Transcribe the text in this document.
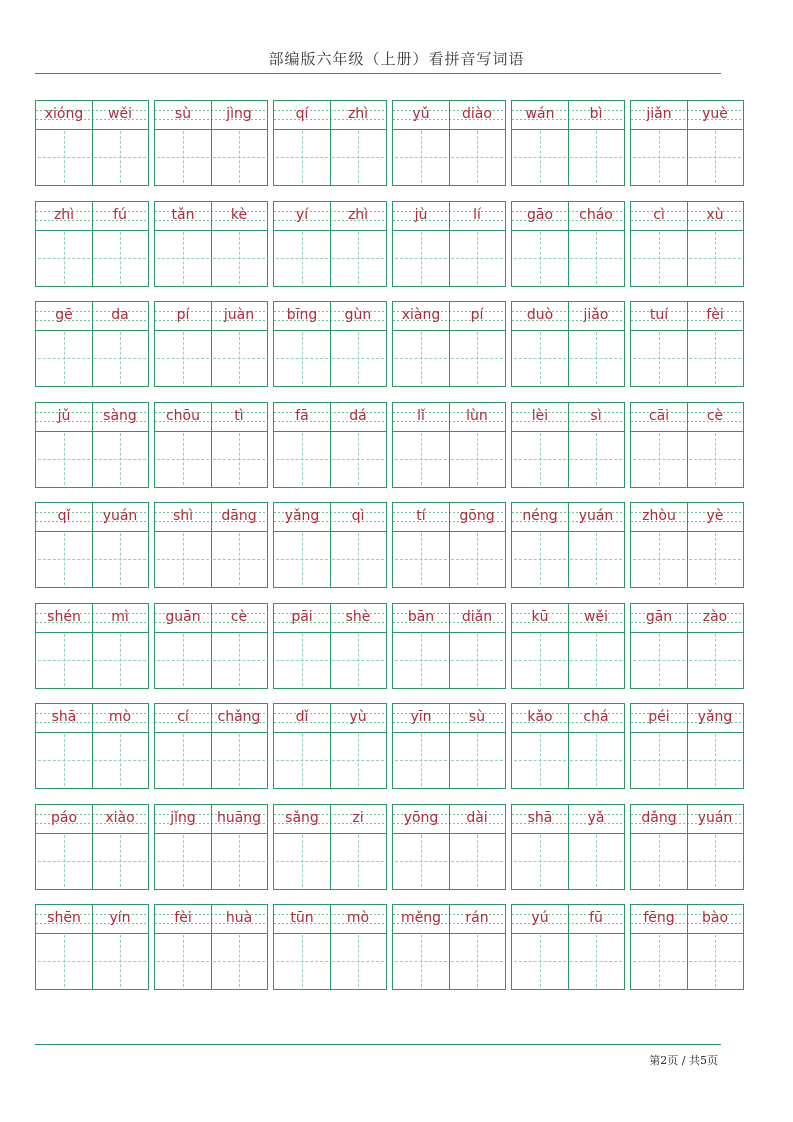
部编版六年级（上册）看拼音写词语
xióng	wěi	sù	jìng	qí	zhì	yǔ	diào	wán	bì	jiǎn	yuè
zhì	fú	tǎn	kè	yí	zhì	jù	lí	gāo	cháo	cì	xù
gē	da	pí	juàn	bīng	gùn	xiàng	pí	duò	jiǎo	tuí	fèi
jǔ	sàng	chōu	tì	fā	dá	lǐ	lùn	lèi	sì	cāi	cè
qǐ	yuán	shì	dāng	yǎng	qì	tí	gōng	néng	yuán	zhòu	yè
shén	mì	guān	cè	pāi	shè	bān	diǎn	kū	wěi	gān	zào
shā	mò	cí	chǎng	dǐ	yù	yīn	sù	kǎo	chá	péi	yǎng
páo	xiào	jǐng	huāng	sǎng	zi	yōng	dài	shā	yǎ	dǎng	yuán
shēn	yín	fèi	huà	tūn	mò	měng	rán	yú	fū	fēng	bào
第2页 / 共5页
